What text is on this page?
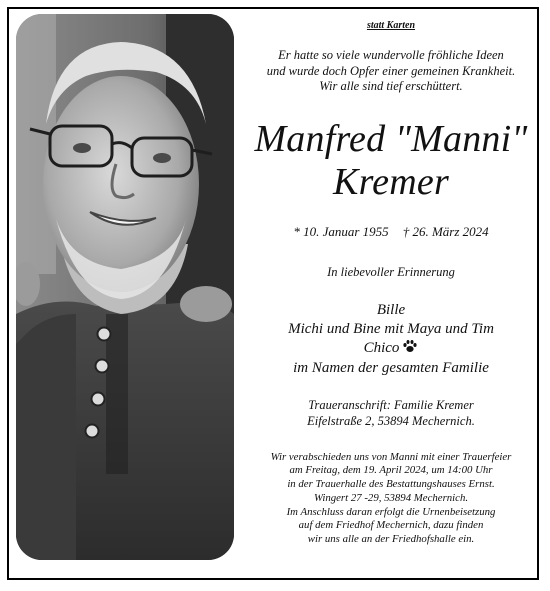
statt Karten
Er hatte so viele wundervolle fröhliche Ideen
und wurde doch Opfer einer gemeinen Krankheit.
Wir alle sind tief erschüttert.
Manfred "Manni"
Kremer
* 10. Januar 1955 † 26. März 2024
In liebevoller Erinnerung
Bille
Michi und Bine mit Maya und Tim
Chico
im Namen der gesamten Familie
Traueranschrift: Familie Kremer
Eifelstraße 2, 53894 Mechernich.
Wir verabschieden uns von Manni mit einer Trauerfeier
am Freitag, dem 19. April 2024, um 14:00 Uhr
in der Trauerhalle des Bestattungshauses Ernst.
Wingert 27 -29, 53894 Mechernich.
Im Anschluss daran erfolgt die Urnenbeisetzung
auf dem Friedhof Mechernich, dazu finden
wir uns alle an der Friedhofshalle ein.
